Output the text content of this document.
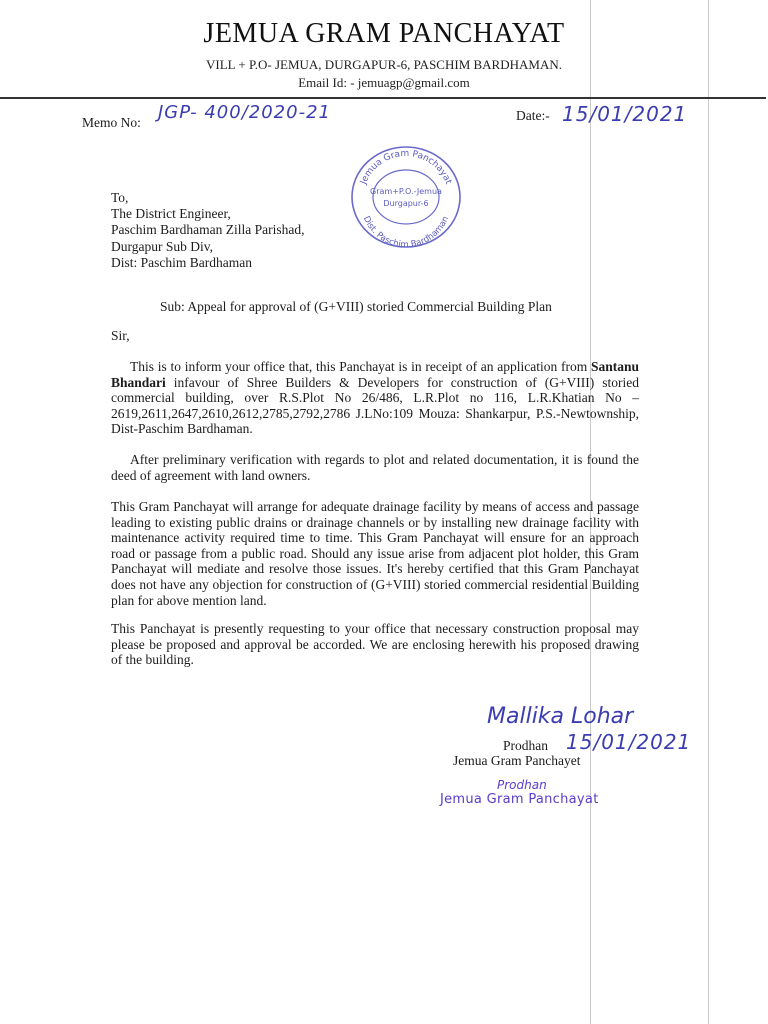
JEMUA GRAM PANCHAYAT
VILL + P.O- JEMUA, DURGAPUR-6, PASCHIM BARDHAMAN.
Email Id: - jemuagp@gmail.com
Memo No: JGP- 400/2020-21	Date:- 15/01/2021
Jemua Gram Panchayat
Dist. Paschim Bardhaman
Gram+P.O.-Jemua
Durgapur-6
To,
The District Engineer,
Paschim Bardhaman Zilla Parishad,
Durgapur Sub Div,
Dist: Paschim Bardhaman
Sub: Appeal for approval of (G+VIII) storied Commercial Building Plan
Sir,
This is to inform your office that, this Panchayat is in receipt of an application from Santanu Bhandari infavour of Shree Builders & Developers for construction of (G+VIII) storied commercial building, over R.S.Plot No 26/486, L.R.Plot no 116, L.R.Khatian No – 2619,2611,2647,2610,2612,2785,2792,2786 J.LNo:109 Mouza: Shankarpur, P.S.-Newtownship, Dist-Paschim Bardhaman.
After preliminary verification with regards to plot and related documentation, it is found the deed of agreement with land owners.
This Gram Panchayat will arrange for adequate drainage facility by means of access and passage leading to existing public drains or drainage channels or by installing new drainage facility with maintenance activity required time to time. This Gram Panchayat will ensure for an approach road or passage from a public road. Should any issue arise from adjacent plot holder, this Gram Panchayat will mediate and resolve those issues. It's hereby certified that this Gram Panchayat does not have any objection for construction of (G+VIII) storied commercial residential Building plan for above mention land.
This Panchayat is presently requesting to your office that necessary construction proposal may please be proposed and approval be accorded. We are enclosing herewith his proposed drawing of the building.
Mallika Lohar
Prodhan 15/01/2021
Jemua Gram Panchayet
Prodhan
Jemua Gram Panchayat
